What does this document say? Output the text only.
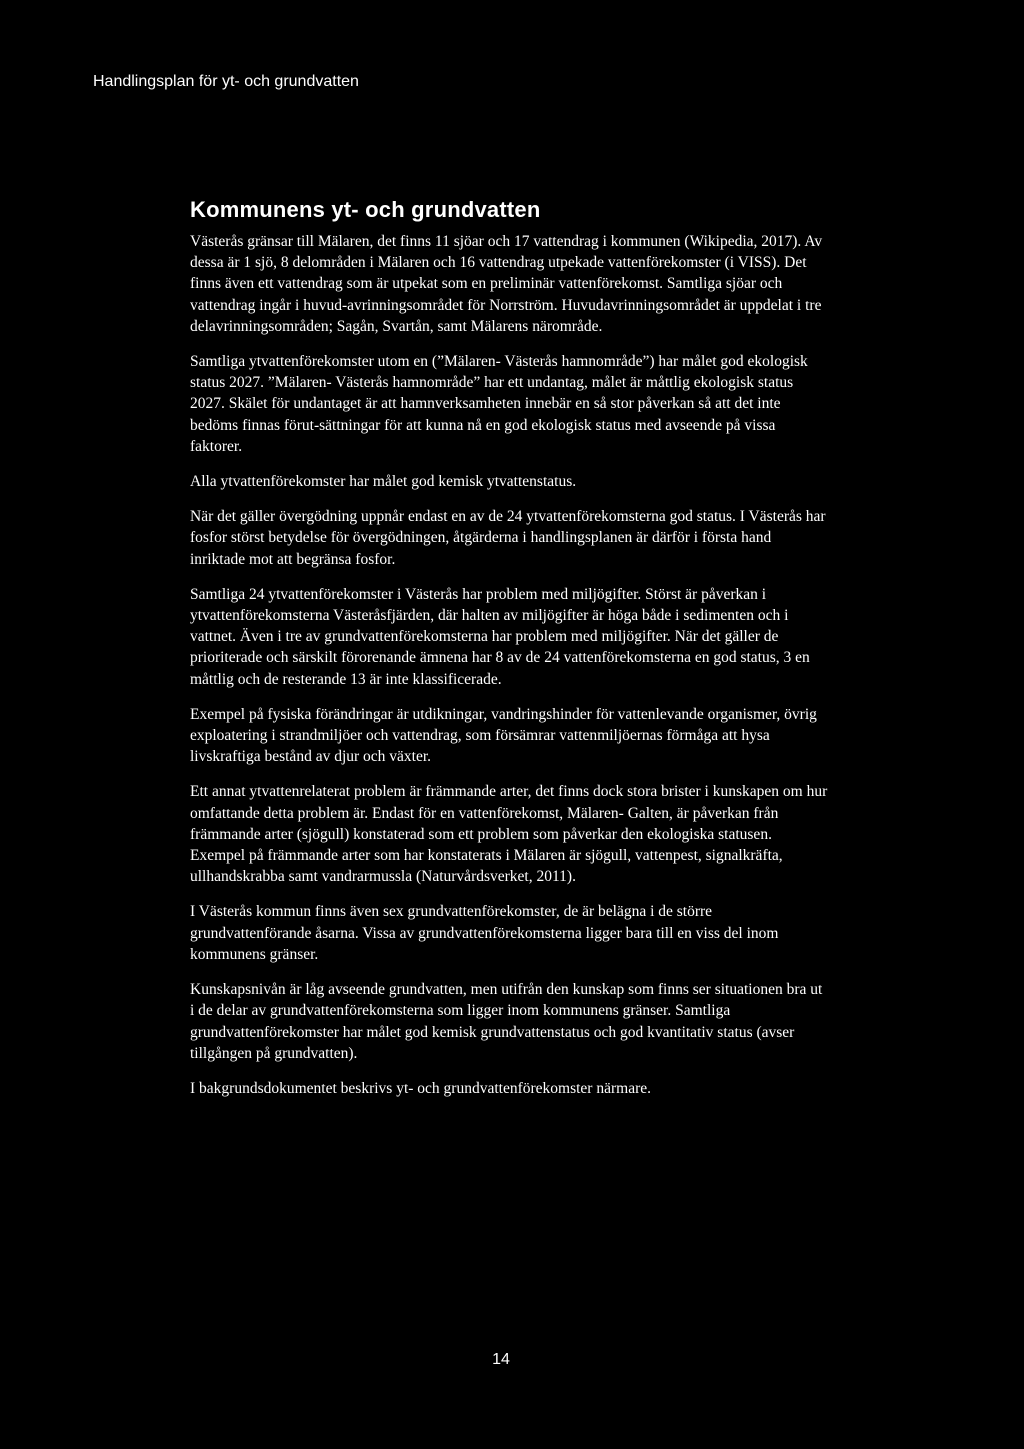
Handlingsplan för yt- och grundvatten
Kommunens yt- och grundvatten

Västerås gränsar till Mälaren, det finns 11 sjöar och 17 vattendrag i kommunen (Wikipedia, 2017). Av dessa är 1 sjö, 8 delområden i Mälaren och 16 vattendrag utpekade vattenförekomster (i VISS). Det finns även ett vattendrag som är utpekat som en preliminär vattenförekomst. Samtliga sjöar och vattendrag ingår i huvud-avrinningsområdet för Norrström. Huvudavrinningsområdet är uppdelat i tre delavrinningsområden; Sagån, Svartån, samt Mälarens närområde.

Samtliga ytvattenförekomster utom en (”Mälaren- Västerås hamnområde”) har målet god ekologisk status 2027. ”Mälaren- Västerås hamnområde” har ett undantag, målet är måttlig ekologisk status 2027. Skälet för undantaget är att hamnverksamheten innebär en så stor påverkan så att det inte bedöms finnas förut-sättningar för att kunna nå en god ekologisk status med avseende på vissa faktorer.

Alla ytvattenförekomster har målet god kemisk ytvattenstatus.

När det gäller övergödning uppnår endast en av de 24 ytvattenförekomsterna god status. I Västerås har fosfor störst betydelse för övergödningen, åtgärderna i handlingsplanen är därför i första hand inriktade mot att begränsa fosfor.

Samtliga 24 ytvattenförekomster i Västerås har problem med miljögifter. Störst är påverkan i ytvattenförekomsterna Västeråsfjärden, där halten av miljögifter är höga både i sedimenten och i vattnet. Även i tre av grundvattenförekomsterna har problem med miljögifter. När det gäller de prioriterade och särskilt förorenande ämnena har 8 av de 24 vattenförekomsterna en god status, 3 en måttlig och de resterande 13 är inte klassificerade.

Exempel på fysiska förändringar är utdikningar, vandringshinder för vattenlevande organismer, övrig exploatering i strandmiljöer och vattendrag, som försämrar vattenmiljöernas förmåga att hysa livskraftiga bestånd av djur och växter.

Ett annat ytvattenrelaterat problem är främmande arter, det finns dock stora brister i kunskapen om hur omfattande detta problem är. Endast för en vattenförekomst, Mälaren- Galten, är påverkan från främmande arter (sjögull) konstaterad som ett problem som påverkar den ekologiska statusen. Exempel på främmande arter som har konstaterats i Mälaren är sjögull, vattenpest, signalkräfta, ullhandskrabba samt vandrarmussla (Naturvårdsverket, 2011).

I Västerås kommun finns även sex grundvattenförekomster, de är belägna i de större grundvattenförande åsarna. Vissa av grundvattenförekomsterna ligger bara till en viss del inom kommunens gränser.

Kunskapsnivån är låg avseende grundvatten, men utifrån den kunskap som finns ser situationen bra ut i de delar av grundvattenförekomsterna som ligger inom kommunens gränser. Samtliga grundvattenförekomster har målet god kemisk grundvattenstatus och god kvantitativ status (avser tillgången på grundvatten).

I bakgrundsdokumentet beskrivs yt- och grundvattenförekomster närmare.

14
